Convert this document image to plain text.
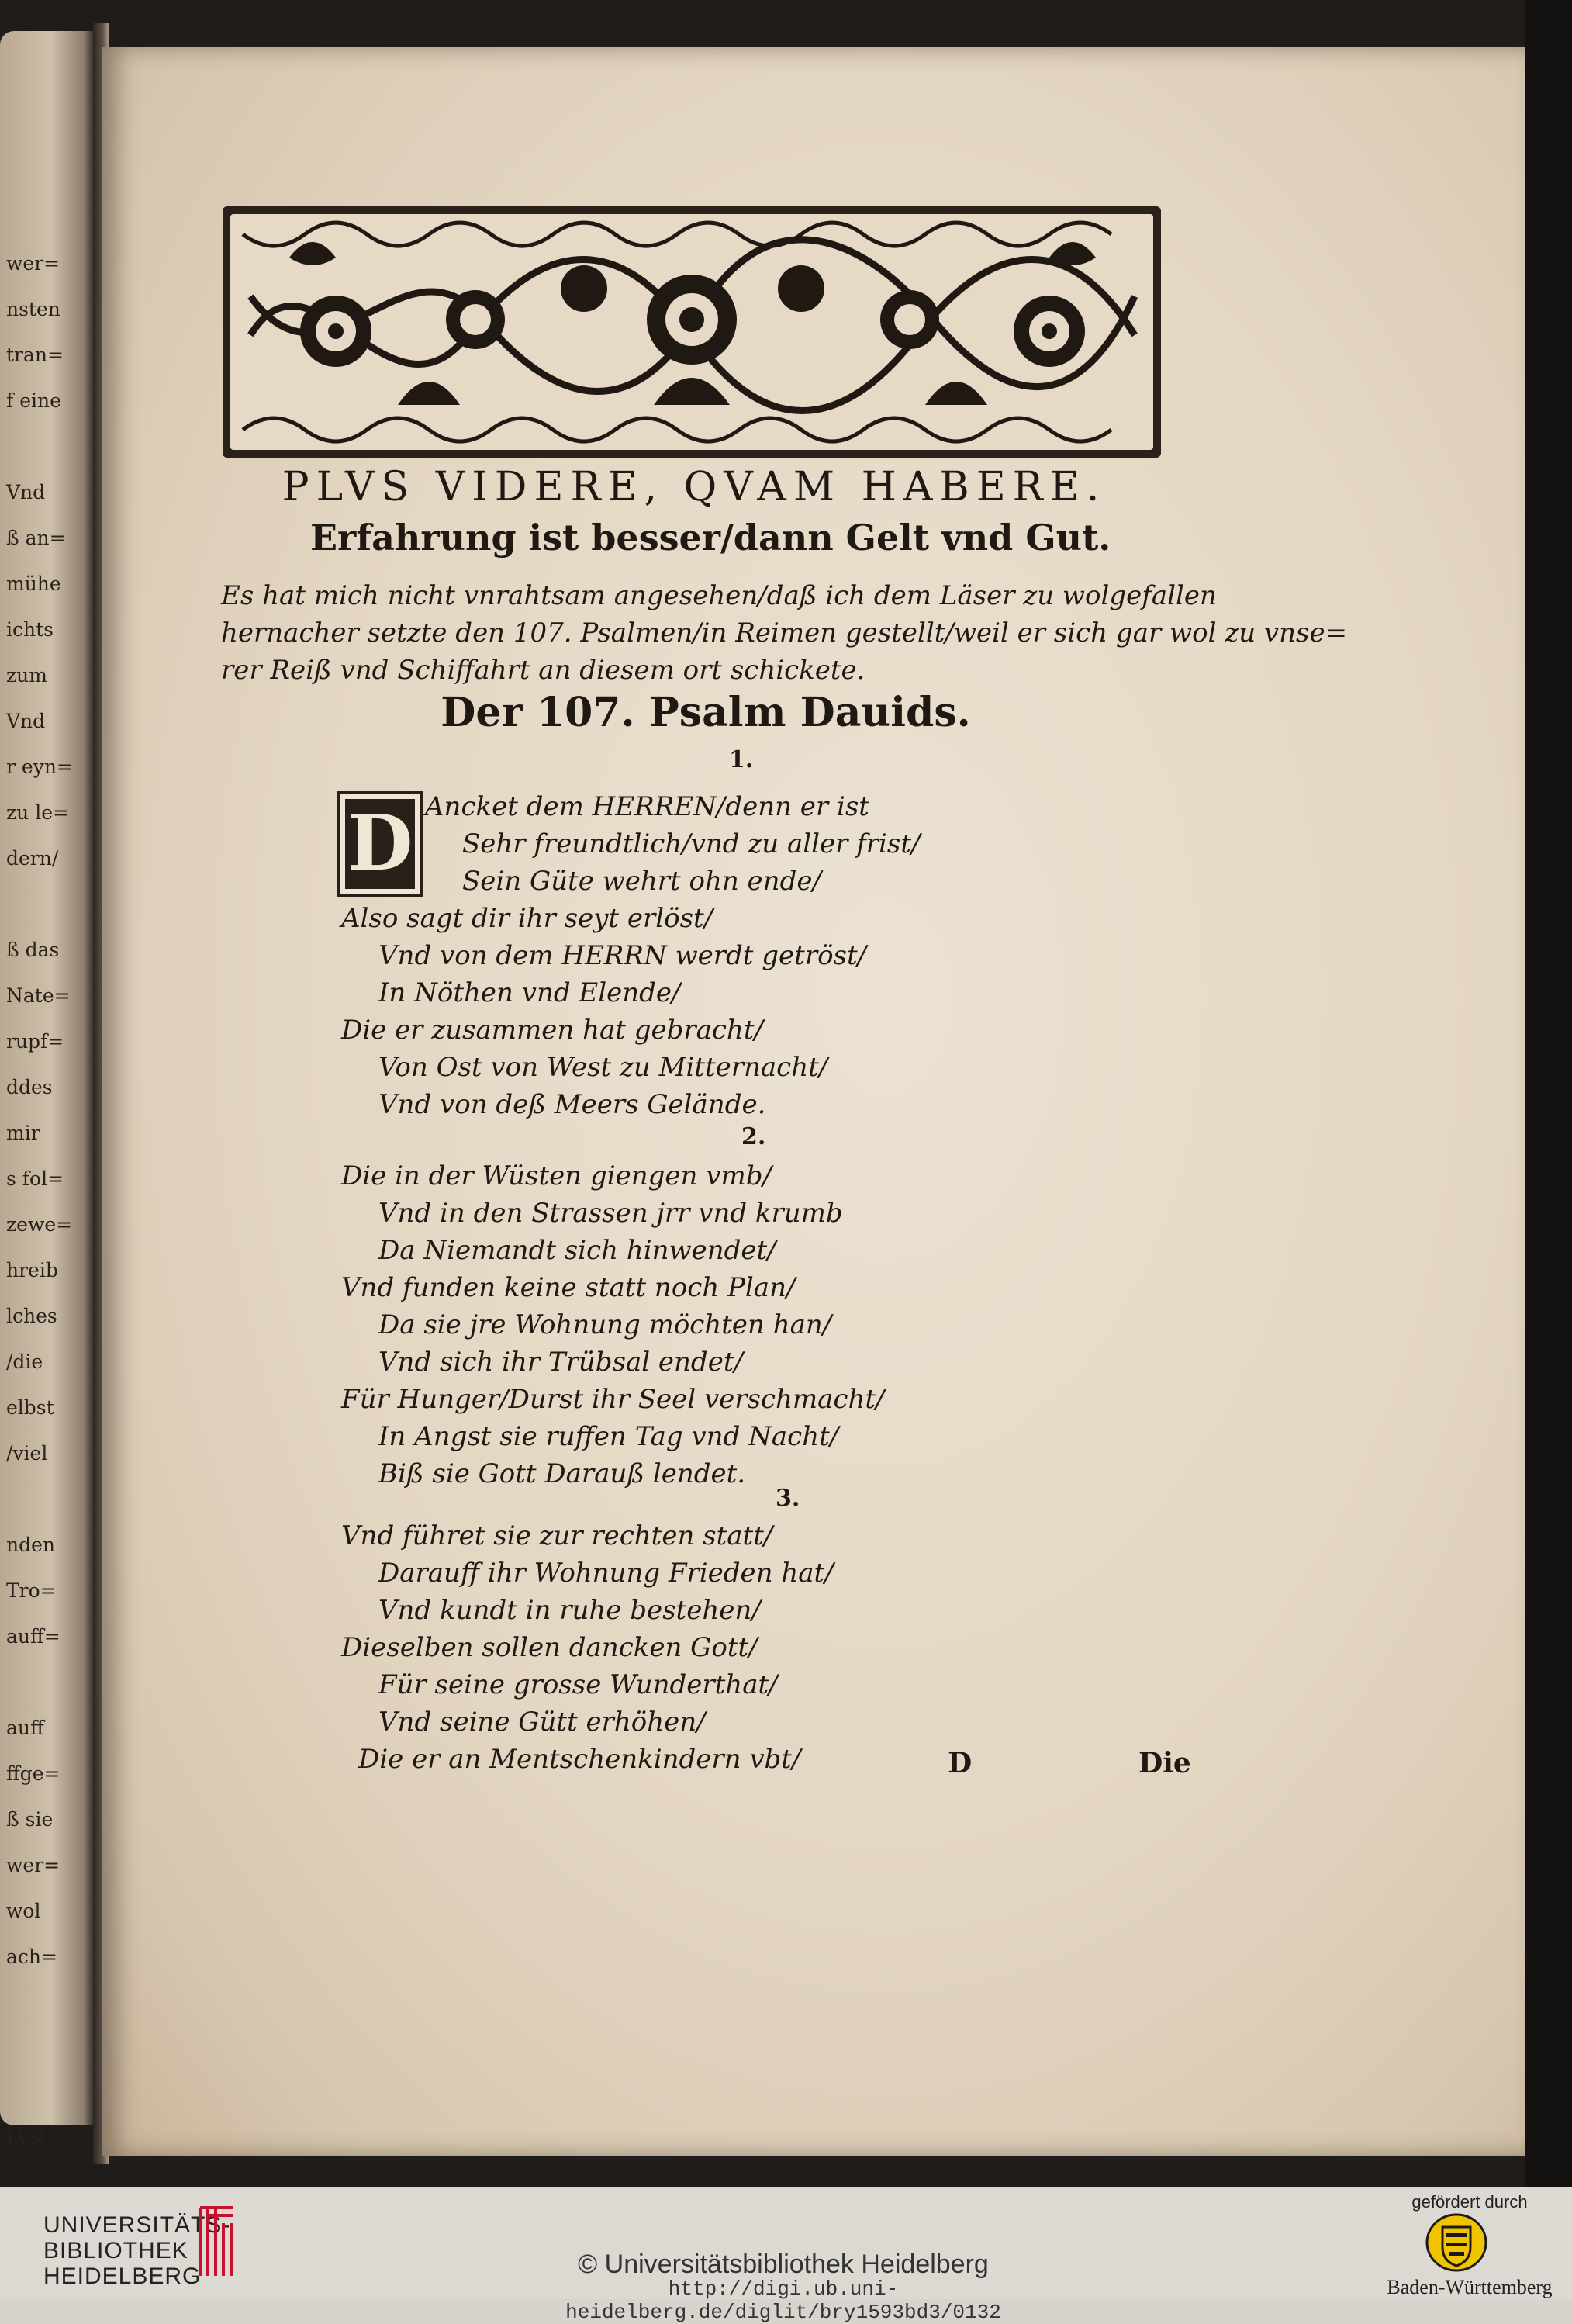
wer=
nsten
tran=
f eine
Vnd
ß an=
mühe
ichts
zum
Vnd
r eyn=
zu le=
dern/
ß das
Nate=
rupf=
ddes
mir
s fol=
zewe=
hreib
lches
/die
elbst
/viel
nden
Tro=
auff=
auff
ffge=
ß sie
wer=
wol
ach=
LVS
PLVS VIDERE, QVAM HABERE.
Erfahrung ist besser/dann Gelt vnd Gut.
Es hat mich nicht vnrahtsam angesehen/daß ich dem Läser zu wolgefallen
hernacher setzte den 107. Psalmen/in Reimen gestellt/weil er sich gar wol zu vnse=
rer Reiß vnd Schiffahrt an diesem ort schickete.
Der 107. Psalm Dauids.
1.
D Ancket dem HERREN/denn er ist
Sehr freundtlich/vnd zu aller frist/
Sein Güte wehrt ohn ende/
Also sagt dir ihr seyt erlöst/
Vnd von dem HERRN werdt getröst/
In Nöthen vnd Elende/
Die er zusammen hat gebracht/
Von Ost von West zu Mitternacht/
Vnd von deß Meers Gelände.
2.
Die in der Wüsten giengen vmb/
Vnd in den Strassen jrr vnd krumb
Da Niemandt sich hinwendet/
Vnd funden keine statt noch Plan/
Da sie jre Wohnung möchten han/
Vnd sich ihr Trübsal endet/
Für Hunger/Durst ihr Seel verschmacht/
In Angst sie ruffen Tag vnd Nacht/
Biß sie Gott Darauß lendet.
3.
Vnd führet sie zur rechten statt/
Darauff ihr Wohnung Frieden hat/
Vnd kundt in ruhe bestehen/
Dieselben sollen dancken Gott/
Für seine grosse Wunderthat/
Vnd seine Gütt erhöhen/
Die er an Mentschenkindern vbt/	D	Die
UNIVERSITÄTS-
BIBLIOTHEK
HEIDELBERG	© Universitätsbibliothek Heidelberg
http://digi.ub.uni-heidelberg.de/diglit/bry1593bd3/0132
gefördert durch
Baden-Württemberg
